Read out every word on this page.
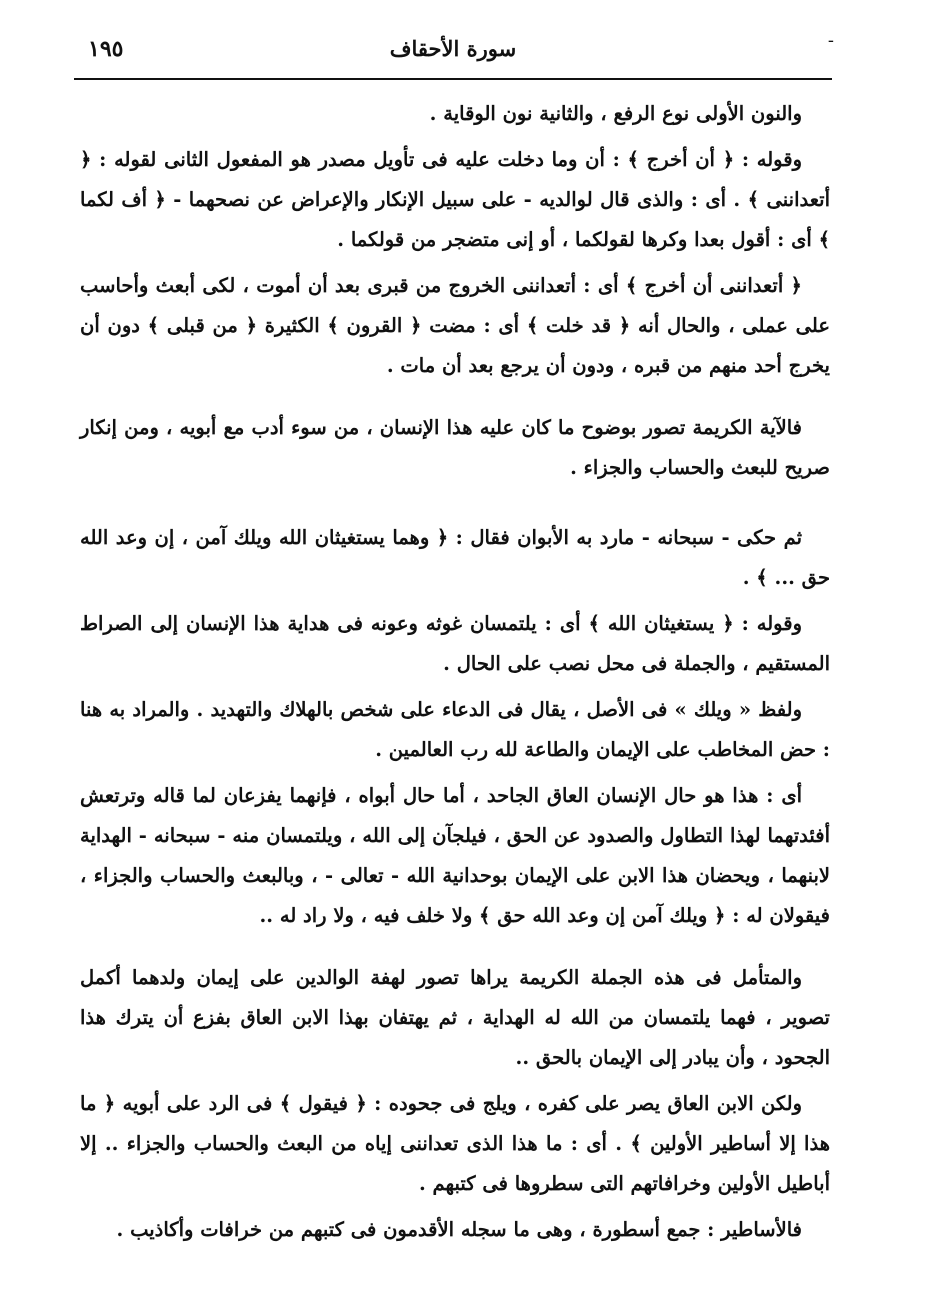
١٩٥	سورة الأحقاف	-

والنون الأولى نوع الرفع ، والثانية نون الوقاية .

وقوله : ﴿ أن أخرج ﴾ : أن وما دخلت عليه فى تأويل مصدر هو المفعول الثانى لقوله : ﴿ أتعداننى ﴾ . أى : والذى قال لوالديه - على سبيل الإنكار والإعراض عن نصحهما - ﴿ أف لكما ﴾ أى : أقول بعدا وكرها لقولكما ، أو إنى متضجر من قولكما .

﴿ أتعداننى أن أخرج ﴾ أى : أتعداننى الخروج من قبرى بعد أن أموت ، لكى أبعث وأحاسب على عملى ، والحال أنه ﴿ قد خلت ﴾ أى : مضت ﴿ القرون ﴾ الكثيرة ﴿ من قبلى ﴾ دون أن يخرج أحد منهم من قبره ، ودون أن يرجع بعد أن مات .

فالآية الكريمة تصور بوضوح ما كان عليه هذا الإنسان ، من سوء أدب مع أبويه ، ومن إنكار صريح للبعث والحساب والجزاء .

ثم حكى - سبحانه - مارد به الأبوان فقال : ﴿ وهما يستغيثان الله ويلك آمن ، إن وعد الله حق ... ﴾ .

وقوله : ﴿ يستغيثان الله ﴾ أى : يلتمسان غوثه وعونه فى هداية هذا الإنسان إلى الصراط المستقيم ، والجملة فى محل نصب على الحال .

ولفظ « ويلك » فى الأصل ، يقال فى الدعاء على شخص بالهلاك والتهديد . والمراد به هنا : حض المخاطب على الإيمان والطاعة لله رب العالمين .

أى : هذا هو حال الإنسان العاق الجاحد ، أما حال أبواه ، فإنهما يفزعان لما قاله وترتعش أفئدتهما لهذا التطاول والصدود عن الحق ، فيلجآن إلى الله ، ويلتمسان منه - سبحانه - الهداية لابنهما ، ويحضان هذا الابن على الإيمان بوحدانية الله - تعالى - ، وبالبعث والحساب والجزاء ، فيقولان له : ﴿ ويلك آمن إن وعد الله حق ﴾ ولا خلف فيه ، ولا راد له ..

والمتأمل فى هذه الجملة الكريمة يراها تصور لهفة الوالدين على إيمان ولدهما أكمل تصوير ، فهما يلتمسان من الله له الهداية ، ثم يهتفان بهذا الابن العاق بفزع أن يترك هذا الجحود ، وأن يبادر إلى الإيمان بالحق ..

ولكن الابن العاق يصر على كفره ، ويلج فى جحوده : ﴿ فيقول ﴾ فى الرد على أبويه ﴿ ما هذا إلا أساطير الأولين ﴾ . أى : ما هذا الذى تعداننى إياه من البعث والحساب والجزاء .. إلا أباطيل الأولين وخرافاتهم التى سطروها فى كتبهم .

فالأساطير : جمع أسطورة ، وهى ما سجله الأقدمون فى كتبهم من خرافات وأكاذيب .
